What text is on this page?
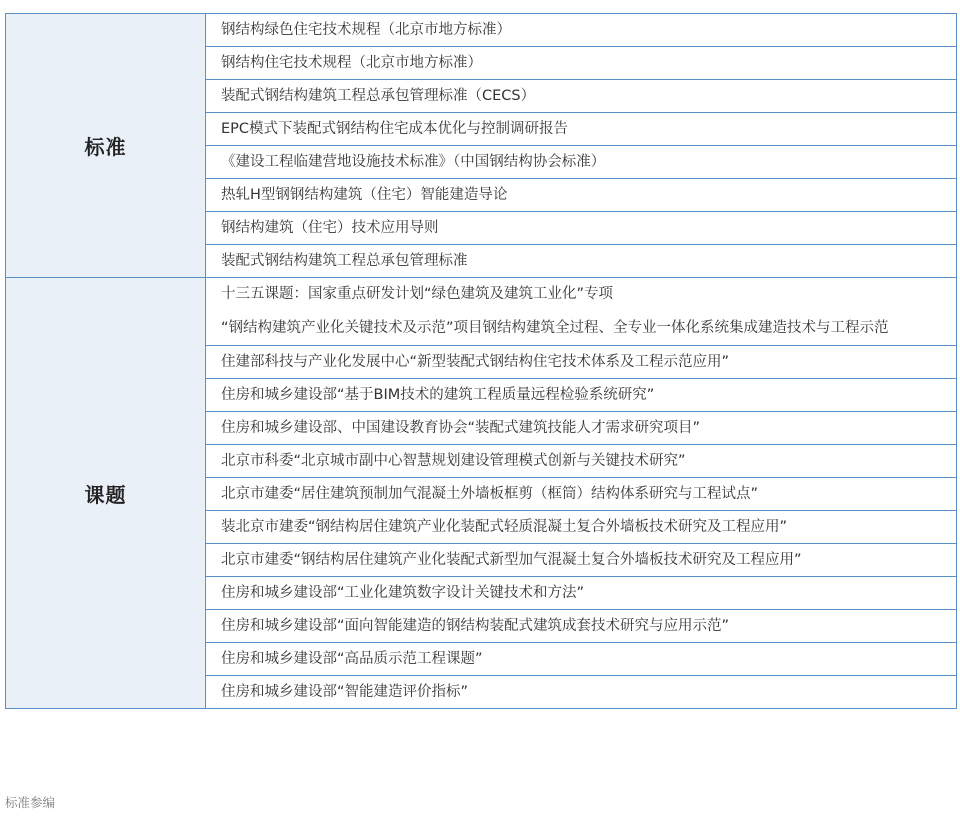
标准	钢结构绿色住宅技术规程（北京市地方标准）
	钢结构住宅技术规程（北京市地方标准）
	装配式钢结构建筑工程总承包管理标准（CECS）
	EPC模式下装配式钢结构住宅成本优化与控制调研报告
	《建设工程临建营地设施技术标准》（中国钢结构协会标准）
	热轧H型钢钢结构建筑（住宅）智能建造导论
	钢结构建筑（住宅）技术应用导则
	装配式钢结构建筑工程总承包管理标准
课题	十三五课题：国家重点研发计划“绿色建筑及建筑工业化”专项
“钢结构建筑产业化关键技术及示范”项目钢结构建筑全过程、全专业一体化系统集成建造技术与工程示范

	住建部科技与产业化发展中心“新型装配式钢结构住宅技术体系及工程示范应用”
	住房和城乡建设部“基于BIM技术的建筑工程质量远程检验系统研究”
	住房和城乡建设部、中国建设教育协会“装配式建筑技能人才需求研究项目”
	北京市科委“北京城市副中心智慧规划建设管理模式创新与关键技术研究”
	北京市建委“居住建筑预制加气混凝土外墙板框剪（框筒）结构体系研究与工程试点”
	装北京市建委“钢结构居住建筑产业化装配式轻质混凝土复合外墙板技术研究及工程应用”
	北京市建委“钢结构居住建筑产业化装配式新型加气混凝土复合外墙板技术研究及工程应用”
	住房和城乡建设部“工业化建筑数字设计关键技术和方法”
	住房和城乡建设部“面向智能建造的钢结构装配式建筑成套技术研究与应用示范”
	住房和城乡建设部“高品质示范工程课题”
	住房和城乡建设部“智能建造评价指标”
标准参编
